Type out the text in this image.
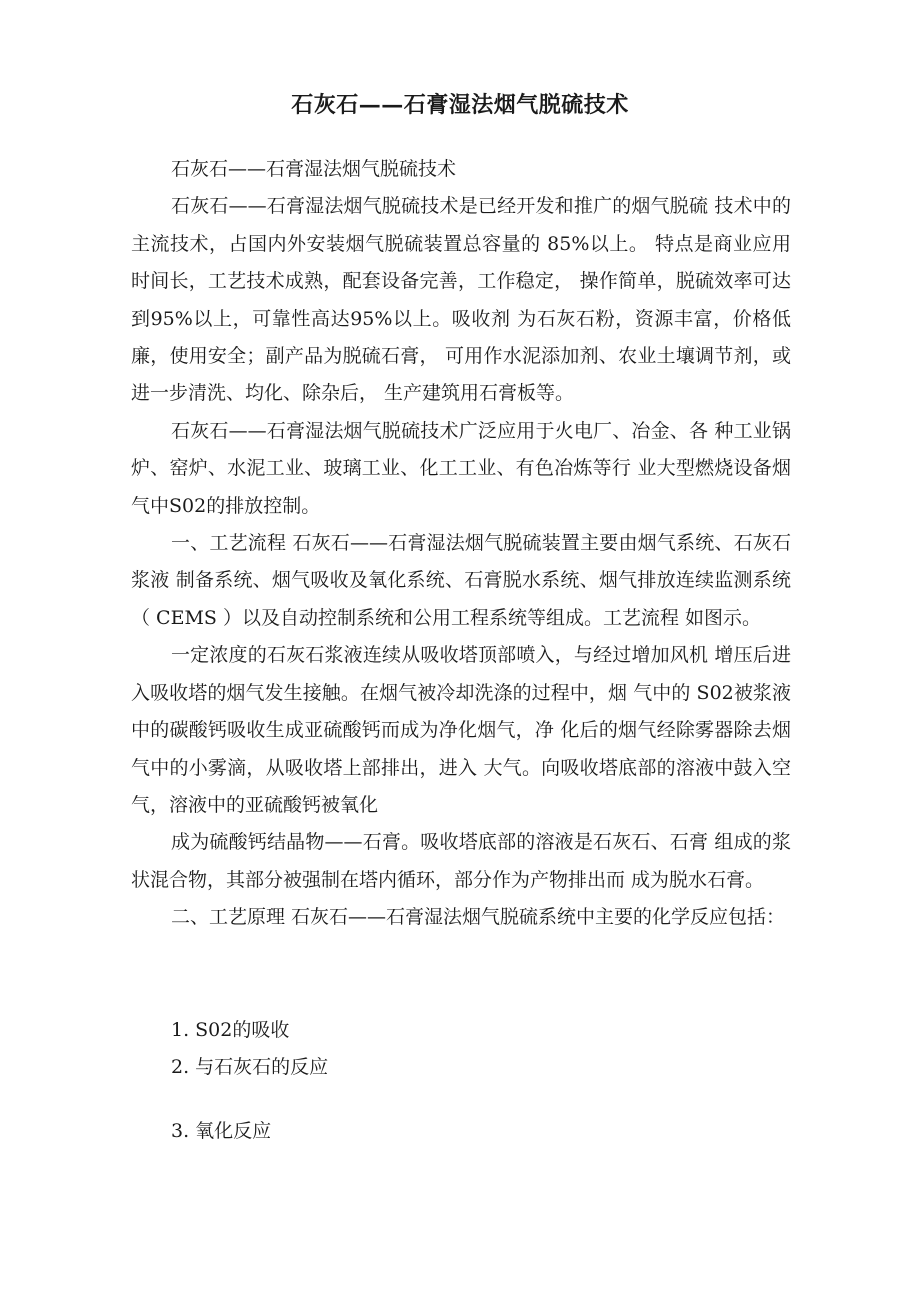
石灰石——石膏湿法烟气脱硫技术

石灰石——石膏湿法烟气脱硫技术

石灰石——石膏湿法烟气脱硫技术是已经开发和推广的烟气脱硫 技术中的主流技术，占国内外安装烟气脱硫装置总容量的 85%以上。 特点是商业应用时间长，工艺技术成熟，配套设备完善，工作稳定， 操作简单，脱硫效率可达到95%以上，可靠性高达95%以上。吸收剂 为石灰石粉，资源丰富，价格低廉，使用安全；副产品为脱硫石膏， 可用作水泥添加剂、农业土壤调节剂，或进一步清洗、均化、除杂后， 生产建筑用石膏板等。

石灰石——石膏湿法烟气脱硫技术广泛应用于火电厂、冶金、各 种工业锅炉、窑炉、水泥工业、玻璃工业、化工工业、有色冶炼等行 业大型燃烧设备烟气中S02的排放控制。

一、工艺流程 石灰石——石膏湿法烟气脱硫装置主要由烟气系统、石灰石浆液 制备系统、烟气吸收及氧化系统、石膏脱水系统、烟气排放连续监测系统 （ CEMS ）以及自动控制系统和公用工程系统等组成。工艺流程 如图示。

一定浓度的石灰石浆液连续从吸收塔顶部喷入，与经过增加风机 增压后进入吸收塔的烟气发生接触。在烟气被冷却洗涤的过程中，烟 气中的 S02被浆液中的碳酸钙吸收生成亚硫酸钙而成为净化烟气，净 化后的烟气经除雾器除去烟气中的小雾滴，从吸收塔上部排出，进入 大气。向吸收塔底部的溶液中鼓入空气，溶液中的亚硫酸钙被氧化

成为硫酸钙结晶物——石膏。吸收塔底部的溶液是石灰石、石膏 组成的浆状混合物，其部分被强制在塔内循环，部分作为产物排出而 成为脱水石膏。

二、工艺原理 石灰石——石膏湿法烟气脱硫系统中主要的化学反应包括：

1. S02的吸收

2. 与石灰石的反应

3. 氧化反应
